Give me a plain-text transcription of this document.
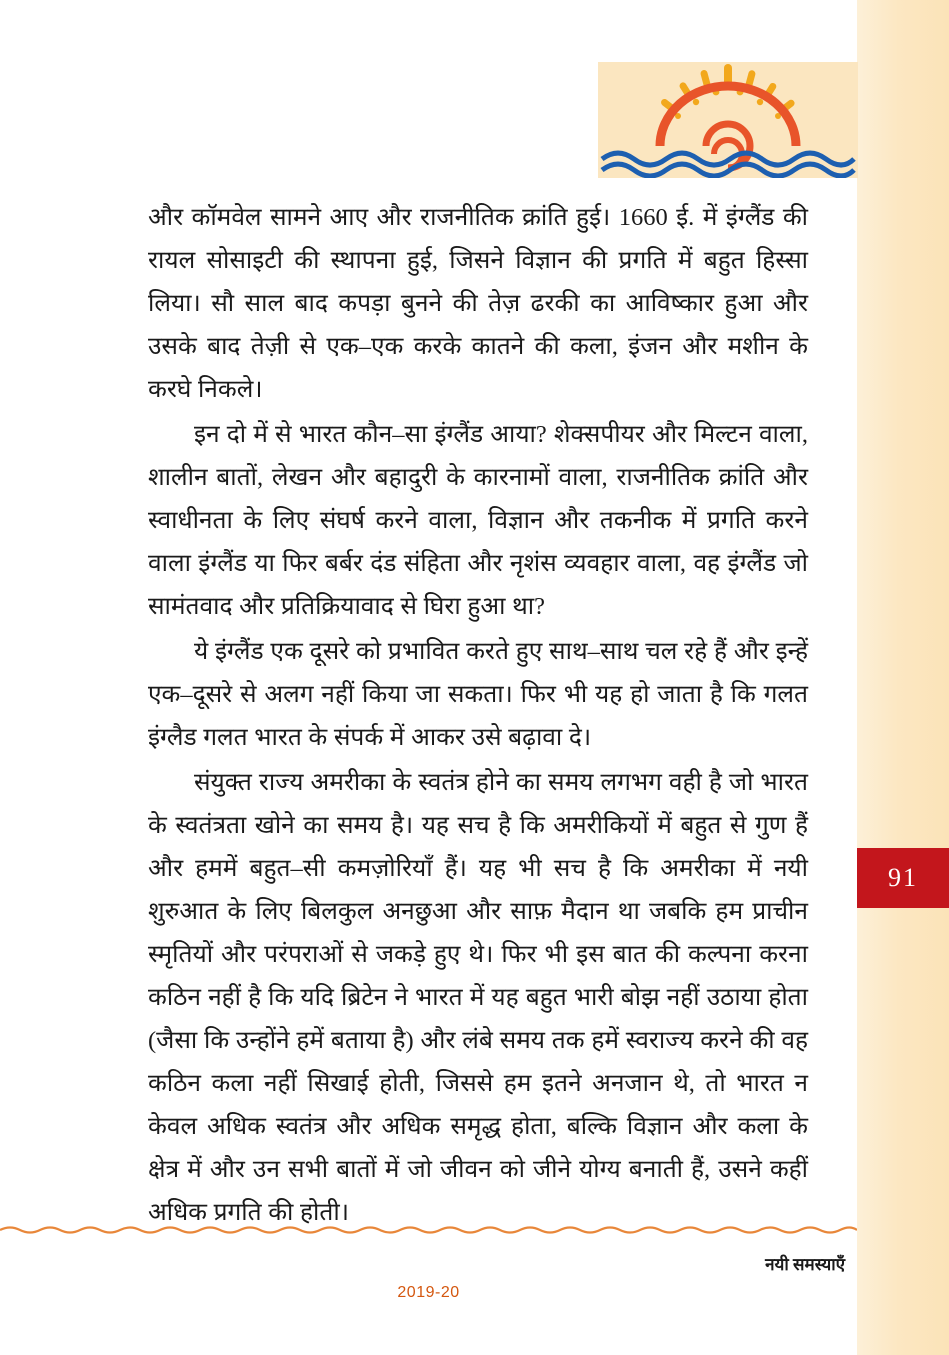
91

और कॉमवेल सामने आए और राजनीतिक क्रांति हुई। 1660 ई. में इंग्लैंड की रायल सोसाइटी की स्थापना हुई, जिसने विज्ञान की प्रगति में बहुत हिस्सा लिया। सौ साल बाद कपड़ा बुनने की तेज़ ढरकी का आविष्कार हुआ और उसके बाद तेज़ी से एक–एक करके कातने की कला, इंजन और मशीन के करघे निकले।

इन दो में से भारत कौन–सा इंग्लैंड आया? शेक्सपीयर और मिल्टन वाला, शालीन बातों, लेखन और बहादुरी के कारनामों वाला, राजनीतिक क्रांति और स्वाधीनता के लिए संघर्ष करने वाला, विज्ञान और तकनीक में प्रगति करने वाला इंग्लैंड या फिर बर्बर दंड संहिता और नृशंस व्यवहार वाला, वह इंग्लैंड जो सामंतवाद और प्रतिक्रियावाद से घिरा हुआ था?

ये इंग्लैंड एक दूसरे को प्रभावित करते हुए साथ–साथ चल रहे हैं और इन्हें एक–दूसरे से अलग नहीं किया जा सकता। फिर भी यह हो जाता है कि गलत इंग्लैड गलत भारत के संपर्क में आकर उसे बढ़ावा दे।

संयुक्त राज्य अमरीका के स्वतंत्र होने का समय लगभग वही है जो भारत के स्वतंत्रता खोने का समय है। यह सच है कि अमरीकियों में बहुत से गुण हैं और हममें बहुत–सी कमज़ोरियाँ हैं। यह भी सच है कि अमरीका में नयी शुरुआत के लिए बिलकुल अनछुआ और साफ़ मैदान था जबकि हम प्राचीन स्मृतियों और परंपराओं से जकड़े हुए थे। फिर भी इस बात की कल्पना करना कठिन नहीं है कि यदि ब्रिटेन ने भारत में यह बहुत भारी बोझ नहीं उठाया होता (जैसा कि उन्होंने हमें बताया है) और लंबे समय तक हमें स्वराज्य करने की वह कठिन कला नहीं सिखाई होती, जिससे हम इतने अनजान थे, तो भारत न केवल अधिक स्वतंत्र और अधिक समृद्ध होता, बल्कि विज्ञान और कला के क्षेत्र में और उन सभी बातों में जो जीवन को जीने योग्य बनाती हैं, उसने कहीं अधिक प्रगति की होती।

नयी समस्याएँ
2019-20
